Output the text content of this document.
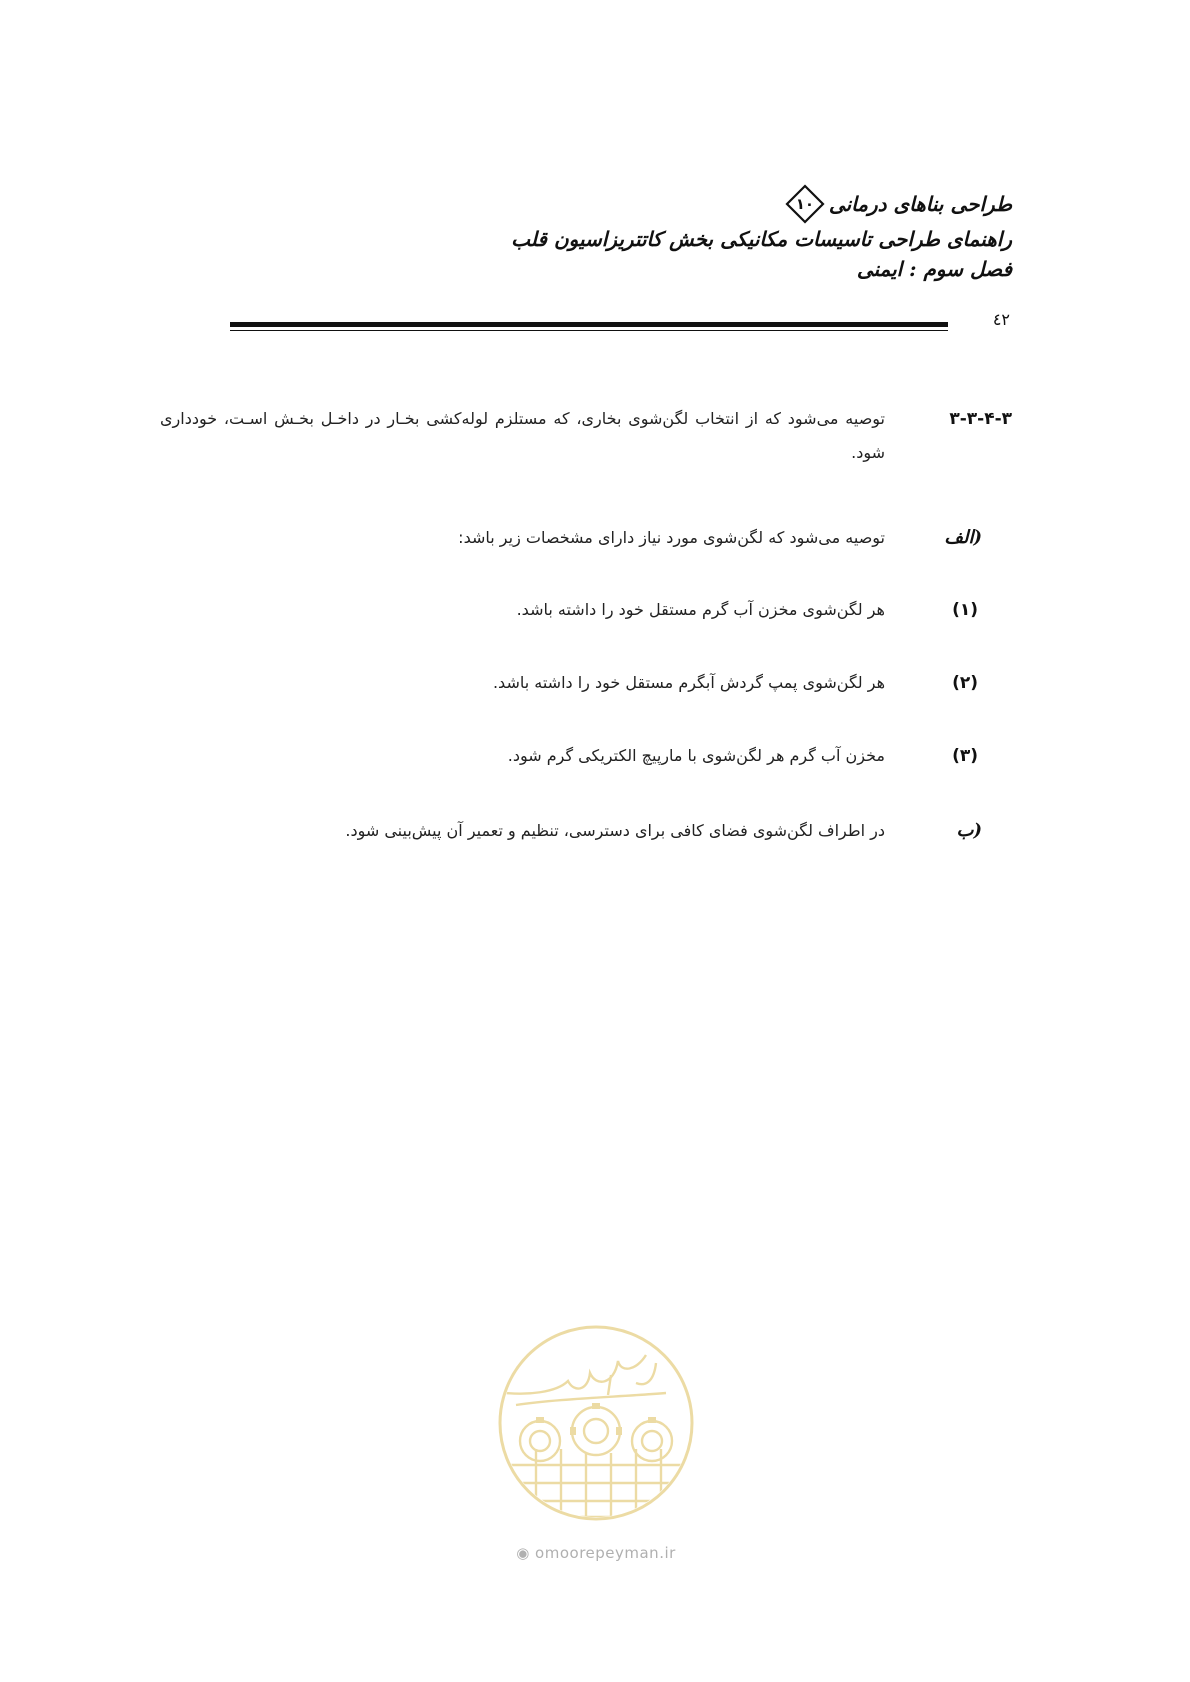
طراحی بناهای درمانی
۱۰
راهنمای طراحی تاسیسات مکانیکی بخش کاتتریزاسیون قلب
فصل سوم : ایمنی
٤٢
۳-۳-۴-۳
توصیه می‌شود که از انتخاب لگن‌شوی بخاری، که مستلزم لوله‌کشی بخـار در داخـل بخـش اسـت، خودداری شود.
الف)
توصیه می‌شود که لگن‌شوی مورد نیاز دارای مشخصات زیر باشد:
(۱)
هر لگن‌شوی مخزن آب گرم مستقل خود را داشته باشد.
(۲)
هر لگن‌شوی پمپ گردش آبگرم مستقل خود را داشته باشد.
(۳)
مخزن آب گرم هر لگن‌شوی با مارپیچ الکتریکی گرم شود.
ب)
در اطراف لگن‌شوی فضای کافی برای دسترسی، تنظیم و تعمیر آن پیش‌بینی شود.
◉ omoorepeyman.ir
